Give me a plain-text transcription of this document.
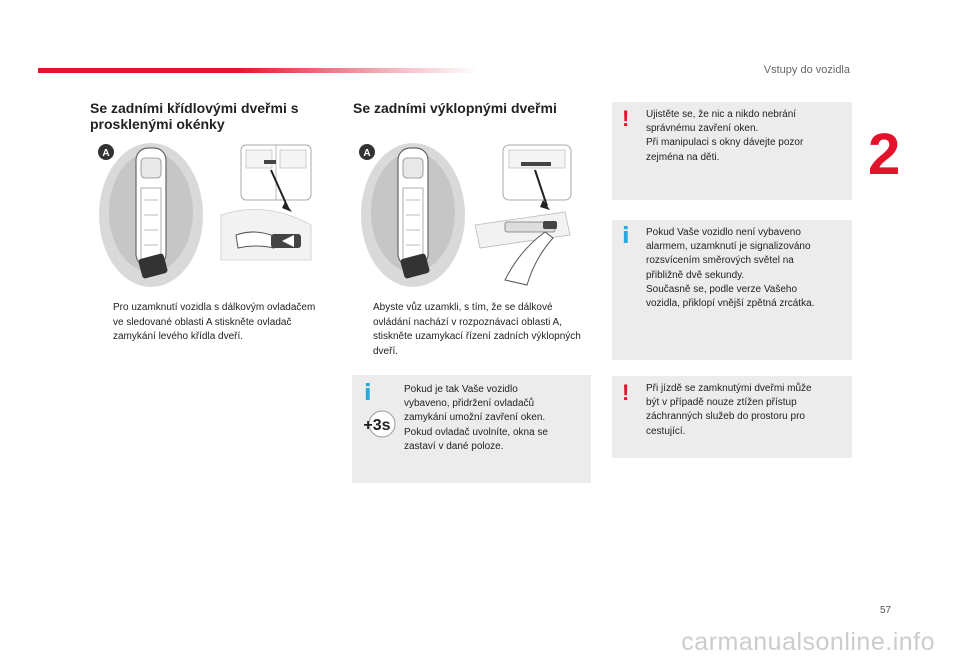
Vstupy do vozidla
2
Se zadními křídlovými dveřmi s prosklenými okénky
A
Pro uzamknutí vozidla s dálkovým ovladačem ve sledované oblasti A stiskněte ovladač zamykání levého křídla dveří.
Se zadními výklopnými dveřmi
A
Abyste vůz uzamkli, s tím, že se dálkové ovládání nachází v rozpoznávací oblasti A, stiskněte uzamykací řízení zadních výklopných dveří.
i
+3s
Pokud je tak Vaše vozidlo
vybaveno, přidržení ovladačů
zamykání umožní zavření oken.
Pokud ovladač uvolníte, okna se
zastaví v dané poloze.
! Ujistěte se, že nic a nikdo nebrání
správnému zavření oken.
Při manipulaci s okny dávejte pozor
zejména na děti.
i Pokud Vaše vozidlo není vybaveno
alarmem, uzamknutí je signalizováno
rozsvícením směrových světel na
přibližně dvě sekundy.
Současně se, podle verze Vašeho
vozidla, přiklopí vnější zpětná zrcátka.
! Při jízdě se zamknutými dveřmi může
být v případě nouze ztížen přístup
záchranných služeb do prostoru pro
cestující.
57
carmanualsonline.info
